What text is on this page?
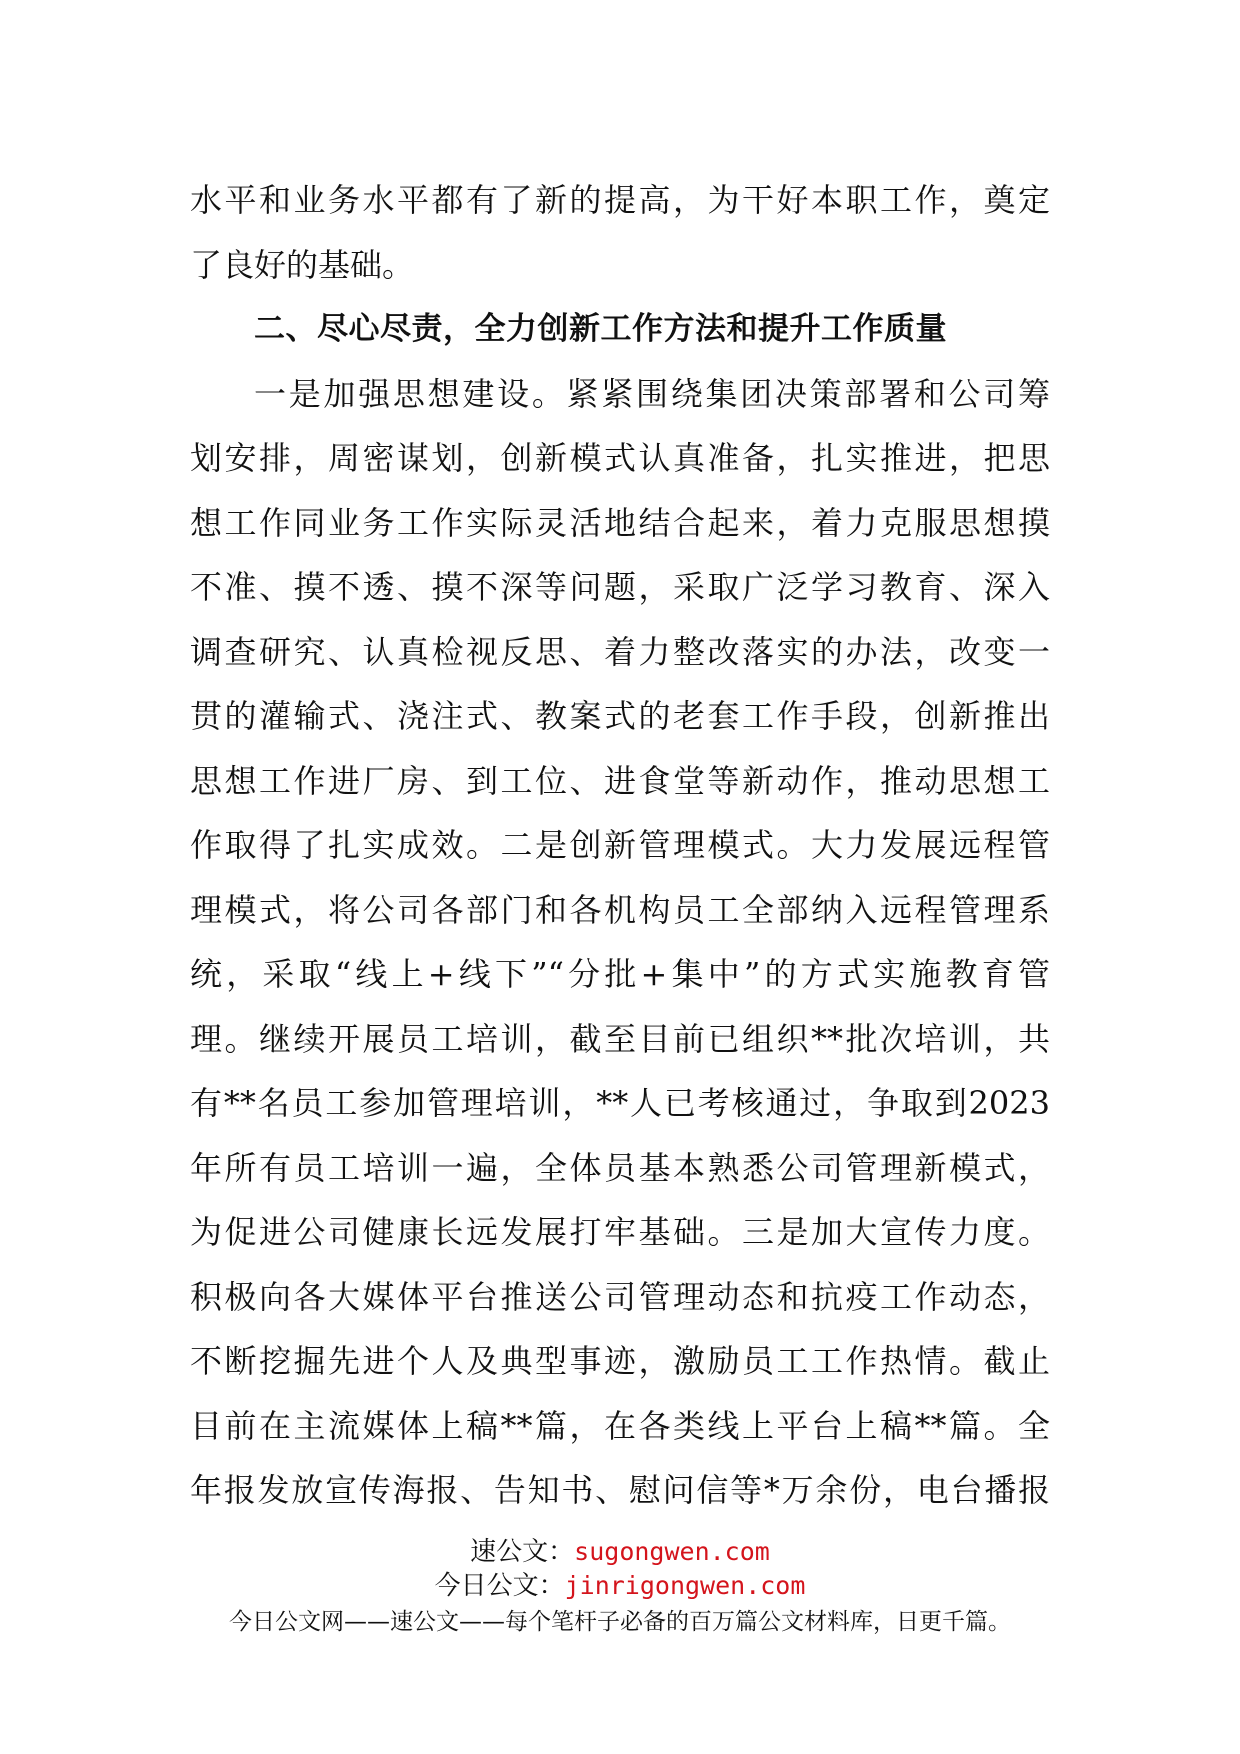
水平和业务水平都有了新的提高，为干好本职工作，奠定
了良好的基础。
二、尽心尽责，全力创新工作方法和提升工作质量
一是加强思想建设。紧紧围绕集团决策部署和公司筹
划安排，周密谋划，创新模式认真准备，扎实推进，把思
想工作同业务工作实际灵活地结合起来，着力克服思想摸
不准、摸不透、摸不深等问题，采取广泛学习教育、深入
调查研究、认真检视反思、着力整改落实的办法，改变一
贯的灌输式、浇注式、教案式的老套工作手段，创新推出
思想工作进厂房、到工位、进食堂等新动作，推动思想工
作取得了扎实成效。二是创新管理模式。大力发展远程管
理模式，将公司各部门和各机构员工全部纳入远程管理系
统，采取“线上+线下”“分批+集中”的方式实施教育管
理。继续开展员工培训，截至目前已组织**批次培训，共
有**名员工参加管理培训，**人已考核通过，争取到2023
年所有员工培训一遍，全体员基本熟悉公司管理新模式，
为促进公司健康长远发展打牢基础。三是加大宣传力度。
积极向各大媒体平台推送公司管理动态和抗疫工作动态，
不断挖掘先进个人及典型事迹，激励员工工作热情。截止
目前在主流媒体上稿**篇，在各类线上平台上稿**篇。全
年报发放宣传海报、告知书、慰问信等*万余份，电台播报
速公文：sugongwen.com
今日公文：jinrigongwen.com
今日公文网——速公文——每个笔杆子必备的百万篇公文材料库，日更千篇。
